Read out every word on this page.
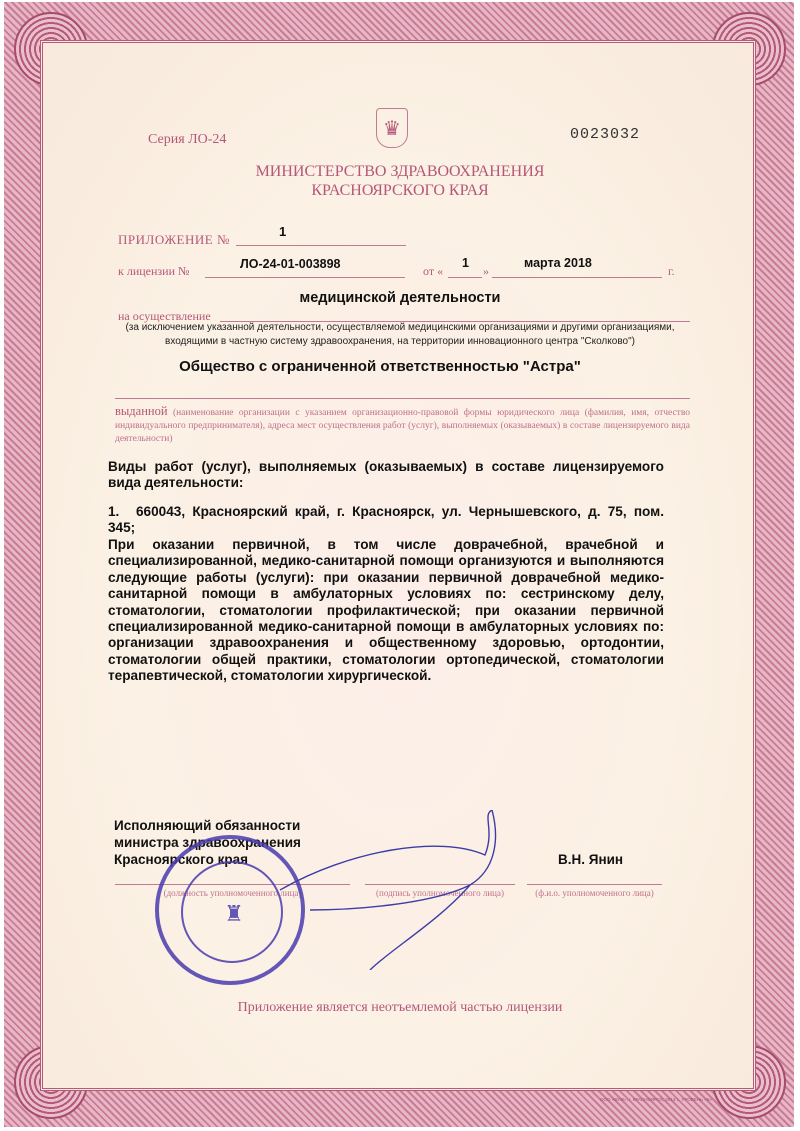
Серия ЛО-24	♛	0023032
МИНИСТЕРСТВО ЗДРАВООХРАНЕНИЯ
КРАСНОЯРСКОГО КРАЯ
ПРИЛОЖЕНИЕ №
1
к лицензии №	ЛО-24-01-003898	от «	»
1	марта 2018
г.
медицинской деятельности
на осуществление
(за исключением указанной деятельности, осуществляемой медицинскими организациями и другими организациями,
входящими в частную систему здравоохранения, на территории инновационного центра "Сколково")
Общество с ограниченной ответственностью "Астра"
выданной (наименование организации с указанием организационно-правовой формы юридического лица (фамилия, имя, отчество индивидуального предпринимателя), адреса мест осуществления работ (услуг), выполняемых (оказываемых) в составе лицензируемого вида деятельности)
Виды работ (услуг), выполняемых (оказываемых) в составе лицензируемого вида деятельности:
1. 660043, Красноярский край, г. Красноярск, ул. Чернышевского, д. 75, пом. 345;
При оказании первичной, в том числе доврачебной, врачебной и специализированной, медико-санитарной помощи организуются и выполняются следующие работы (услуги): при оказании первичной доврачебной медико-санитарной помощи в амбулаторных условиях по: сестринскому делу, стоматологии, стоматологии профилактической; при оказании первичной специализированной медико-санитарной помощи в амбулаторных условиях по: организации здравоохранения и общественному здоровью, ортодонтии, стоматологии общей практики, стоматологии ортопедической, стоматологии терапевтической, стоматологии хирургической.
Исполняющий обязанности
министра здравоохранения
Красноярского края	В.Н. Янин
(должность уполномоченного лица)	(подпись уполномоченного лица)	(ф.и.о. уполномоченного лица)
♜
Приложение является неотъемлемой частью лицензии
ООО «ВУЖ», г. КРАСНОЯРСК, 2013 г., УРОВЕНЬ «Б»
